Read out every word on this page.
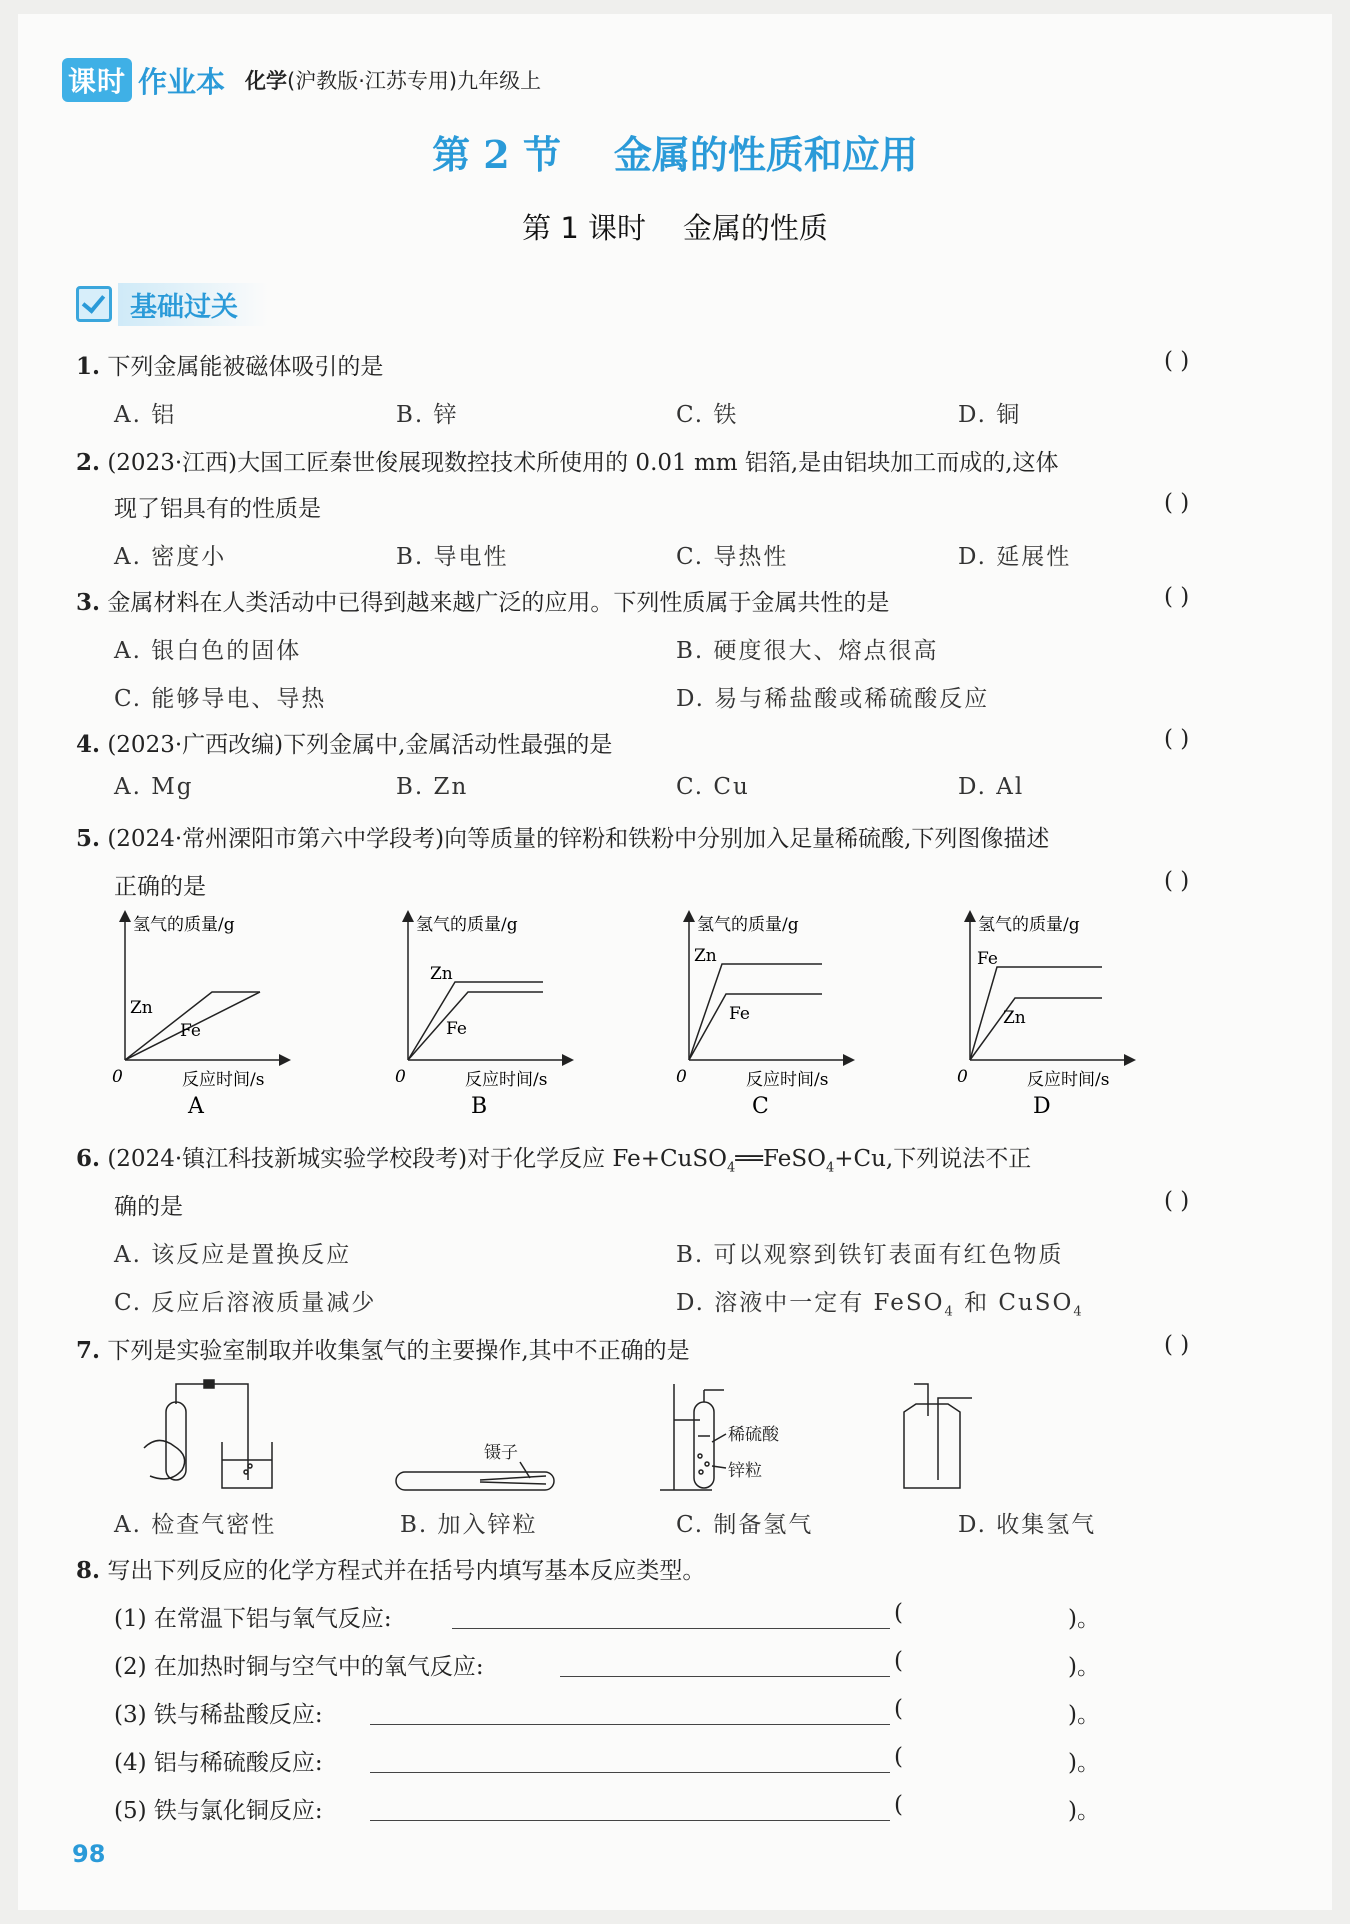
课时 作业本 化学(沪教版·江苏专用)九年级上
第 2 节    金属的性质和应用
第 1 课时    金属的性质
基础过关
1. 下列金属能被磁体吸引的是	( )
A. 铝	B. 锌	C. 铁	D. 铜
2. (2023·江西)大国工匠秦世俊展现数控技术所使用的 0.01 mm 铝箔,是由铝块加工而成的,这体
现了铝具有的性质是	( )
A. 密度小	B. 导电性	C. 导热性	D. 延展性
3. 金属材料在人类活动中已得到越来越广泛的应用。下列性质属于金属共性的是	( )
A. 银白色的固体	B. 硬度很大、熔点很高
C. 能够导电、导热	D. 易与稀盐酸或稀硫酸反应
4. (2023·广西改编)下列金属中,金属活动性最强的是	( )
A. Mg	B. Zn	C. Cu	D. Al
5. (2024·常州溧阳市第六中学段考)向等质量的锌粉和铁粉中分别加入足量稀硫酸,下列图像描述
正确的是	( )
氢气的质量/g
Zn
Fe
0	反应时间/s
A
氢气的质量/g
Zn
Fe
0	反应时间/s
B
氢气的质量/g
Zn
Fe
0	反应时间/s
C
氢气的质量/g
Fe
Zn
0	反应时间/s
D
6. (2024·镇江科技新城实验学校段考)对于化学反应 Fe+CuSO$_4$══FeSO$_4$+Cu,下列说法不正
确的是	( )
A. 该反应是置换反应	B. 可以观察到铁钉表面有红色物质
C. 反应后溶液质量减少	D. 溶液中一定有 FeSO$_4$ 和 CuSO$_4$
7. 下列是实验室制取并收集氢气的主要操作,其中不正确的是	( )
镊子
稀硫酸
锌粒
A. 检查气密性	B. 加入锌粒	C. 制备氢气	D. 收集氢气
8. 写出下列反应的化学方程式并在括号内填写基本反应类型。
(1) 在常温下铝与氧气反应:	(	)。
(2) 在加热时铜与空气中的氧气反应:	(	)。
(3) 铁与稀盐酸反应:	(	)。
(4) 铝与稀硫酸反应:	(	)。
(5) 铁与氯化铜反应:	(	)。
98
